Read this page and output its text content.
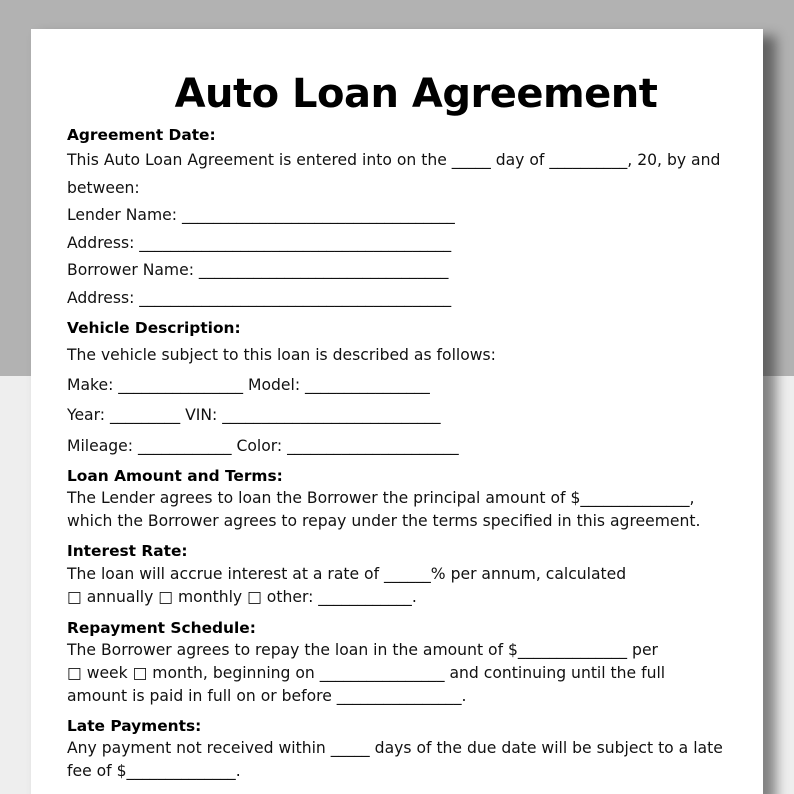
Auto Loan Agreement
Agreement Date:
This Auto Loan Agreement is entered into on the _____ day of __________, 20, by and
between:
Lender Name: ___________________________________
Address: ________________________________________
Borrower Name: ________________________________
Address: ________________________________________
Vehicle Description:
The vehicle subject to this loan is described as follows:
Make: ________________ Model: ________________
Year: _________ VIN: ____________________________
Mileage: ____________ Color: ______________________
Loan Amount and Terms:
The Lender agrees to loan the Borrower the principal amount of $______________,
which the Borrower agrees to repay under the terms specified in this agreement.
Interest Rate:
The loan will accrue interest at a rate of ______% per annum, calculated
□ annually □ monthly □ other: ____________.
Repayment Schedule:
The Borrower agrees to repay the loan in the amount of $______________ per
□ week □ month, beginning on ________________ and continuing until the full
amount is paid in full on or before ________________.
Late Payments:
Any payment not received within _____ days of the due date will be subject to a late
fee of $______________.
